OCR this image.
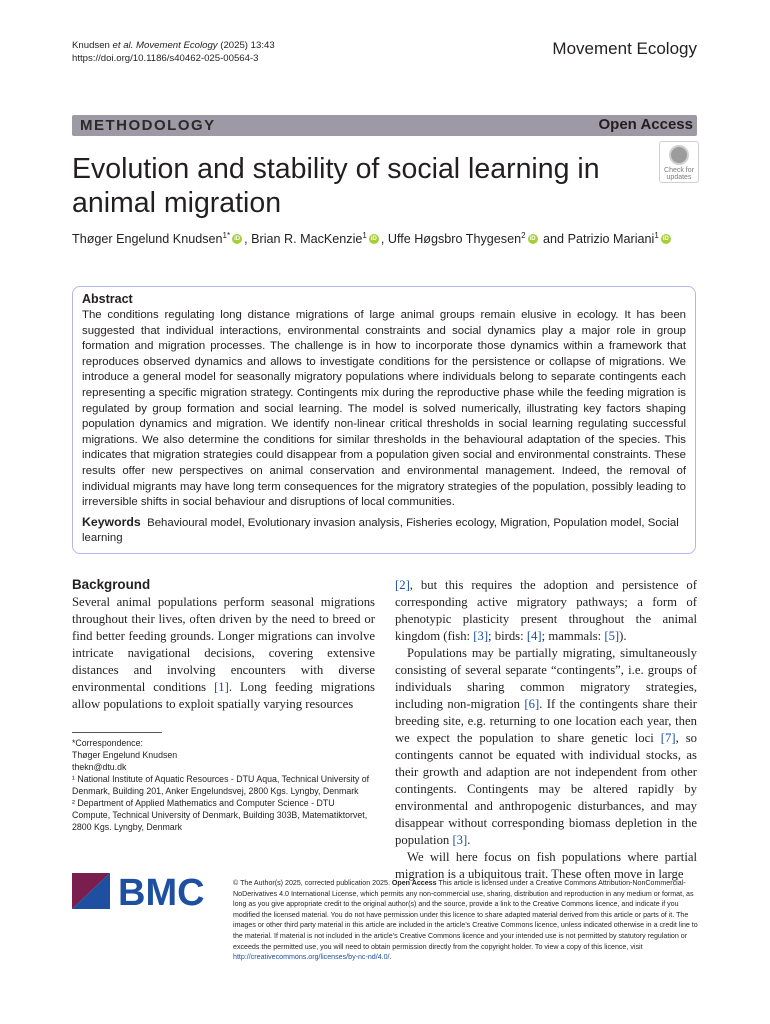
Knudsen et al. Movement Ecology (2025) 13:43
https://doi.org/10.1186/s40462-025-00564-3
Movement Ecology
METHODOLOGY	Open Access
Evolution and stability of social learning in animal migration
Check for
updates
Thøger Engelund Knudsen$^{1*}$ iD , Brian R. MacKenzie$^1$ iD , Uffe Høgsbro Thygesen$^2$ iD and Patrizio Mariani$^1$ iD
Abstract
The conditions regulating long distance migrations of large animal groups remain elusive in ecology. It has been suggested that individual interactions, environmental constraints and social dynamics play a major role in group formation and migration processes. The challenge is in how to incorporate those dynamics within a framework that reproduces observed dynamics and allows to investigate conditions for the persistence or collapse of migrations. We introduce a general model for seasonally migratory populations where individuals belong to separate contingents each representing a specific migration strategy. Contingents mix during the reproductive phase while the feeding migration is regulated by group formation and social learning. The model is solved numerically, illustrating key factors shaping population dynamics and migration. We identify non-linear critical thresholds in social learning regulating successful migrations. We also determine the conditions for similar thresholds in the behavioural adaptation of the species. This indicates that migration strategies could disappear from a population given social and environmental constraints. These results offer new perspectives on animal conservation and environmental management. Indeed, the removal of individual migrants may have long term consequences for the migratory strategies of the population, possibly leading to irreversible shifts in social behaviour and disruptions of local communities.
Keywords Behavioural model, Evolutionary invasion analysis, Fisheries ecology, Migration, Population model, Social learning
Background
Several animal populations perform seasonal migrations throughout their lives, often driven by the need to breed or find better feeding grounds. Longer migrations can involve intricate navigational decisions, covering extensive distances and involving encounters with diverse environmental conditions [1]. Long feeding migrations allow populations to exploit spatially varying resources

[2], but this requires the adoption and persistence of corresponding active migratory pathways; a form of phenotypic plasticity present throughout the animal kingdom (fish: [3]; birds: [4]; mammals: [5]).

Populations may be partially migrating, simultaneously consisting of several separate “contingents”, i.e. groups of individuals sharing common migratory strategies, including non-migration [6]. If the contingents share their breeding site, e.g. returning to one location each year, then we expect the population to share genetic loci [7], so contingents cannot be equated with individual stocks, as their growth and adaption are not independent from other contingents. Contingents may be altered rapidly by environmental and anthropogenic disturbances, and may disappear without corresponding biomass depletion in the population [3].

We will here focus on fish populations where partial migration is a ubiquitous trait. These often move in large

*Correspondence:
Thøger Engelund Knudsen
thekn@dtu.dk
¹ National Institute of Aquatic Resources - DTU Aqua, Technical University of Denmark, Building 201, Anker Engelundsvej, 2800 Kgs. Lyngby, Denmark
² Department of Applied Mathematics and Computer Science - DTU Compute, Technical University of Denmark, Building 303B, Matematiktorvet, 2800 Kgs. Lyngby, Denmark
BMC	© The Author(s) 2025, corrected publication 2025. Open Access This article is licensed under a Creative Commons Attribution-NonCommercial-NoDerivatives 4.0 International License, which permits any non-commercial use, sharing, distribution and reproduction in any medium or format, as long as you give appropriate credit to the original author(s) and the source, provide a link to the Creative Commons licence, and indicate if you modified the licensed material. You do not have permission under this licence to share adapted material derived from this article or parts of it. The images or other third party material in this article are included in the article’s Creative Commons licence, unless indicated otherwise in a credit line to the material. If material is not included in the article’s Creative Commons licence and your intended use is not permitted by statutory regulation or exceeds the permitted use, you will need to obtain permission directly from the copyright holder. To view a copy of this licence, visit http://creativecommons.org/licenses/by-nc-nd/4.0/.
